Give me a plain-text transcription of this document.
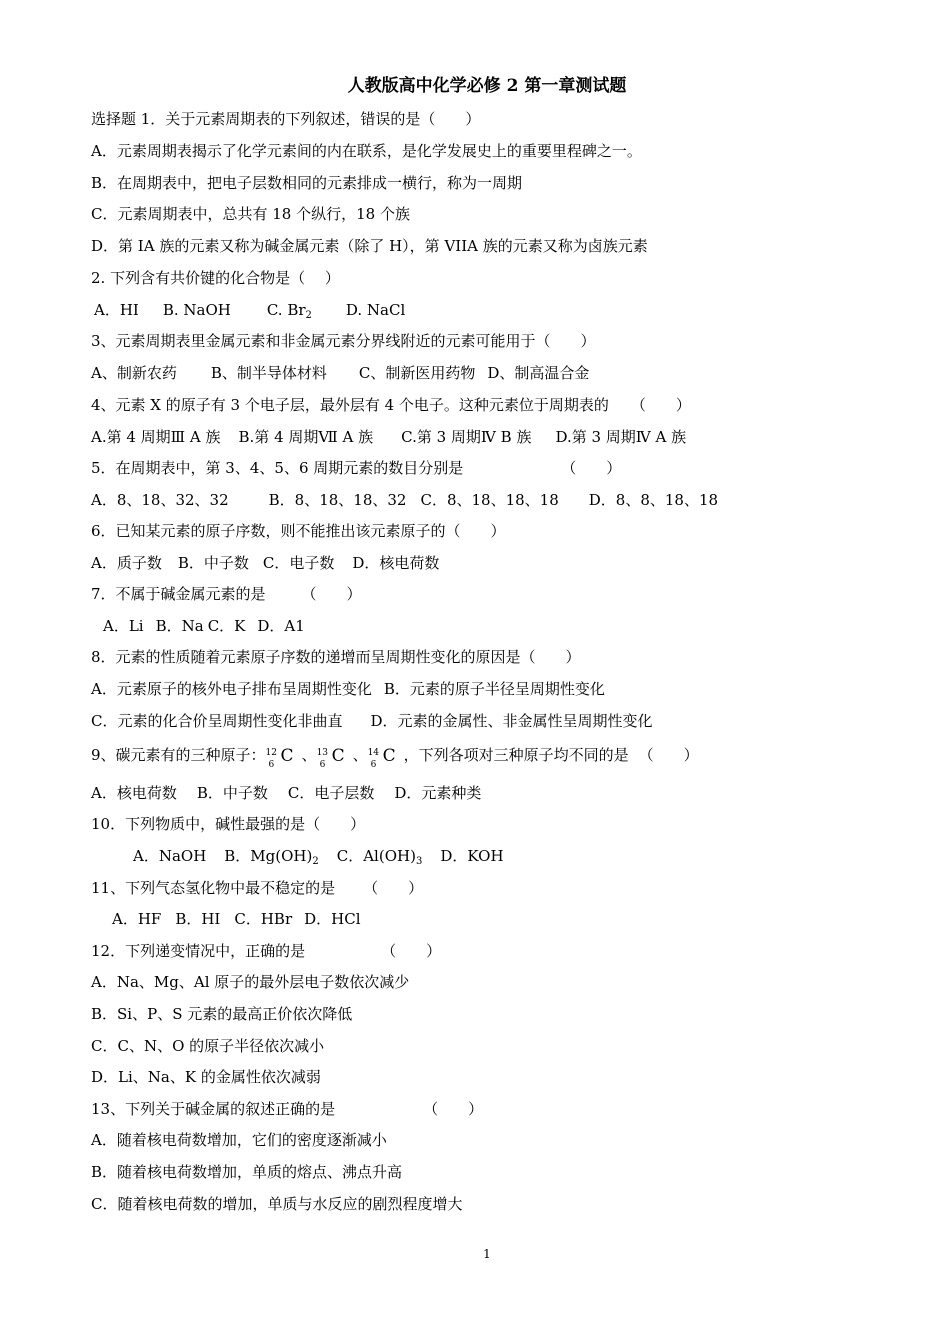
人教版高中化学必修 2 第一章测试题
选择题 1．关于元素周期表的下列叙述，错误的是（　　）
A．元素周期表揭示了化学元素间的内在联系，是化学发展史上的重要里程碑之一。
B．在周期表中，把电子层数相同的元素排成一横行，称为一周期
C．元素周期表中，总共有 18 个纵行，18 个族
D．第 IA 族的元素又称为碱金属元素（除了 H），第 VIIA 族的元素又称为卤族元素
2. 下列含有共价键的化合物是（　 ）
A．HI B. NaOH C. $Br_2$ D. NaCl
3、元素周期表里金属元素和非金属元素分界线附近的元素可能用于（　　）
A、制新农药 B、制半导体材料 C、制新医用药物 D、制高温合金
4、元素 X 的原子有 3 个电子层，最外层有 4 个电子。这种元素位于周期表的 （　　）
A.第 4 周期Ⅲ A 族 B.第 4 周期Ⅶ A 族 C.第 3 周期Ⅳ B 族 D.第 3 周期Ⅳ A 族
5．在周期表中，第 3、4、5、6 周期元素的数目分别是	（　　）
A．8、18、32、32	B．8、18、18、32 C．8、18、18、18 D．8、8、18、18
6．已知某元素的原子序数，则不能推出该元素原子的（　　）
A．质子数 B．中子数 C．电子数 D．核电荷数
7．不属于碱金属元素的是 （　　）
A．Li B．Na C．K D．A1
8．元素的性质随着元素原子序数的递增而呈周期性变化的原因是（　　）
A．元素原子的核外电子排布呈周期性变化 B．元素的原子半径呈周期性变化
C．元素的化合价呈周期性变化非曲直 D．元素的金属性、非金属性呈周期性变化
9、碳元素有的三种原子： 12
6 C 、 13
6 C 、 14
6 C ，下列各项对三种原子均不同的是 （　　）
A．核电荷数 B．中子数 C．电子层数 D．元素种类
10．下列物质中，碱性最强的是（　　）
A．NaOH B．$Mg(OH)_2$ C．$Al(OH)_3$ D．KOH
11、下列气态氢化物中最不稳定的是 （　　）
A．HF B．HI C．HBr D．HCl
12．下列递变情况中，正确的是	（　　）
A．Na、Mg、Al 原子的最外层电子数依次减少
B．Si、P、S 元素的最高正价依次降低
C．C、N、O 的原子半径依次减小
D．Li、Na、K 的金属性依次减弱
13、下列关于碱金属的叙述正确的是	（　　）
A．随着核电荷数增加，它们的密度逐渐减小
B．随着核电荷数增加，单质的熔点、沸点升高
C．随着核电荷数的增加，单质与水反应的剧烈程度增大
1
